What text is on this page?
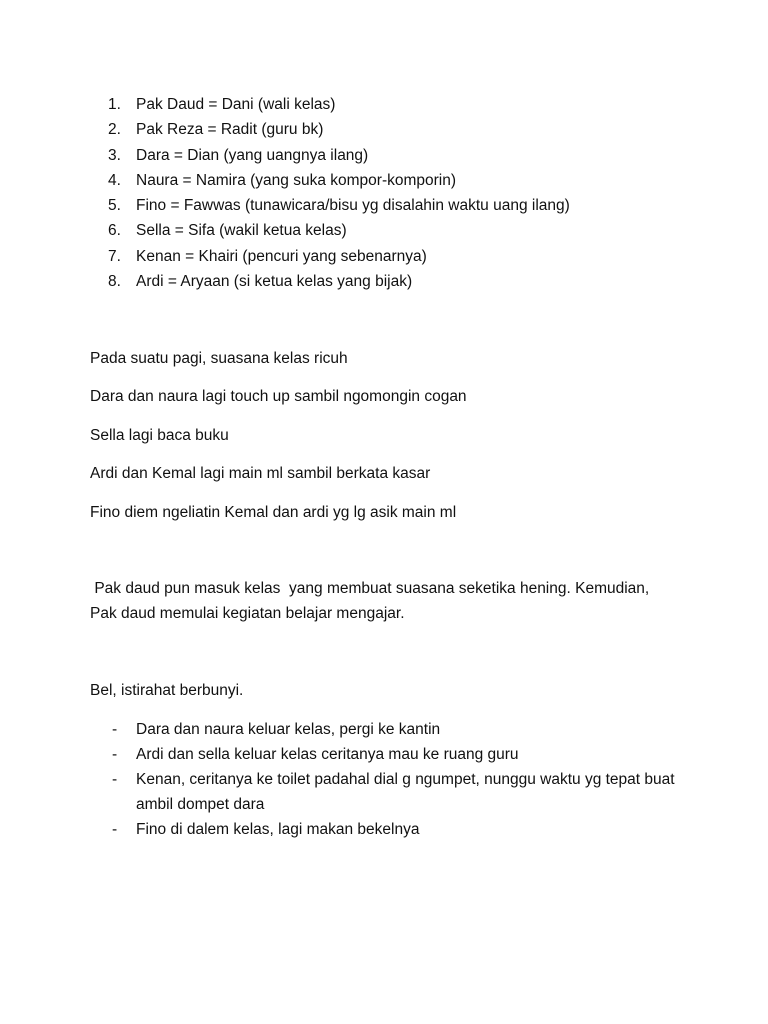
1. Pak Daud = Dani (wali kelas)
2. Pak Reza = Radit (guru bk)
3. Dara = Dian (yang uangnya ilang)
4. Naura = Namira (yang suka kompor-komporin)
5. Fino = Fawwas (tunawicara/bisu yg disalahin waktu uang ilang)
6. Sella = Sifa (wakil ketua kelas)
7. Kenan = Khairi (pencuri yang sebenarnya)
8. Ardi = Aryaan (si ketua kelas yang bijak)

Pada suatu pagi, suasana kelas ricuh

Dara dan naura lagi touch up sambil ngomongin cogan

Sella lagi baca buku

Ardi dan Kemal lagi main ml sambil berkata kasar

Fino diem ngeliatin Kemal dan ardi yg lg asik main ml

Pak daud pun masuk kelas  yang membuat suasana seketika hening. Kemudian, Pak daud memulai kegiatan belajar mengajar.

Bel, istirahat berbunyi.

-	Dara dan naura keluar kelas, pergi ke kantin
-	Ardi dan sella keluar kelas ceritanya mau ke ruang guru
-	Kenan, ceritanya ke toilet padahal dial g ngumpet, nunggu waktu yg tepat buat ambil dompet dara
-	Fino di dalem kelas, lagi makan bekelnya
